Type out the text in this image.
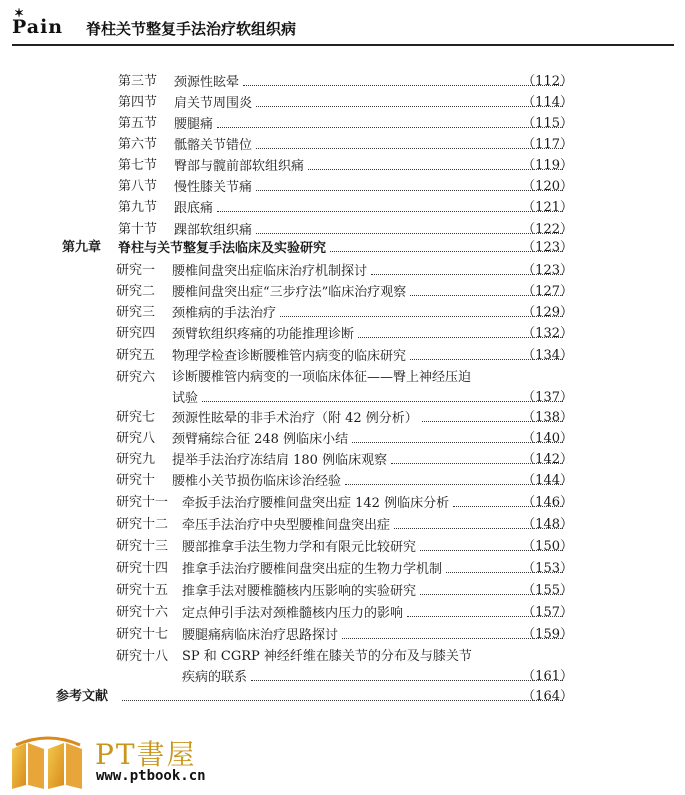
✶
Pain 脊柱关节整复手法治疗软组织病
第三节 颈源性眩晕	（112）
第四节 肩关节周围炎	（114）
第五节 腰腿痛	（115）
第六节 骶髂关节错位	（117）
第七节 臀部与髋前部软组织痛	（119）
第八节 慢性膝关节痛	（120）
第九节 跟底痛	（121）
第十节 踝部软组织痛	（122）
第九章 脊柱与关节整复手法临床及实验研究	（123）
研究一 腰椎间盘突出症临床治疗机制探讨	（123）
研究二 腰椎间盘突出症“三步疗法”临床治疗观察	（127）
研究三 颈椎病的手法治疗	（129）
研究四 颈臂软组织疼痛的功能推理诊断	（132）
研究五 物理学检查诊断腰椎管内病变的临床研究	（134）
研究六 诊断腰椎管内病变的一项临床体征——臀上神经压迫
试验	（137）
研究七 颈源性眩晕的非手术治疗（附 42 例分析）	（138）
研究八 颈臂痛综合征 248 例临床小结	（140）
研究九 提举手法治疗冻结肩 180 例临床观察	（142）
研究十 腰椎小关节损伤临床诊治经验	（144）
研究十一 牵扳手法治疗腰椎间盘突出症 142 例临床分析	（146）
研究十二 牵压手法治疗中央型腰椎间盘突出症	（148）
研究十三 腰部推拿手法生物力学和有限元比较研究	（150）
研究十四 推拿手法治疗腰椎间盘突出症的生物力学机制	（153）
研究十五 推拿手法对腰椎髓核内压影响的实验研究	（155）
研究十六 定点伸引手法对颈椎髓核内压力的影响	（157）
研究十七 腰腿痛病临床治疗思路探讨	（159）
研究十八 SP 和 CGRP 神经纤维在膝关节的分布及与膝关节
疾病的联系	（161）
参考文献	（164）
PT書屋
www.ptbook.cn
